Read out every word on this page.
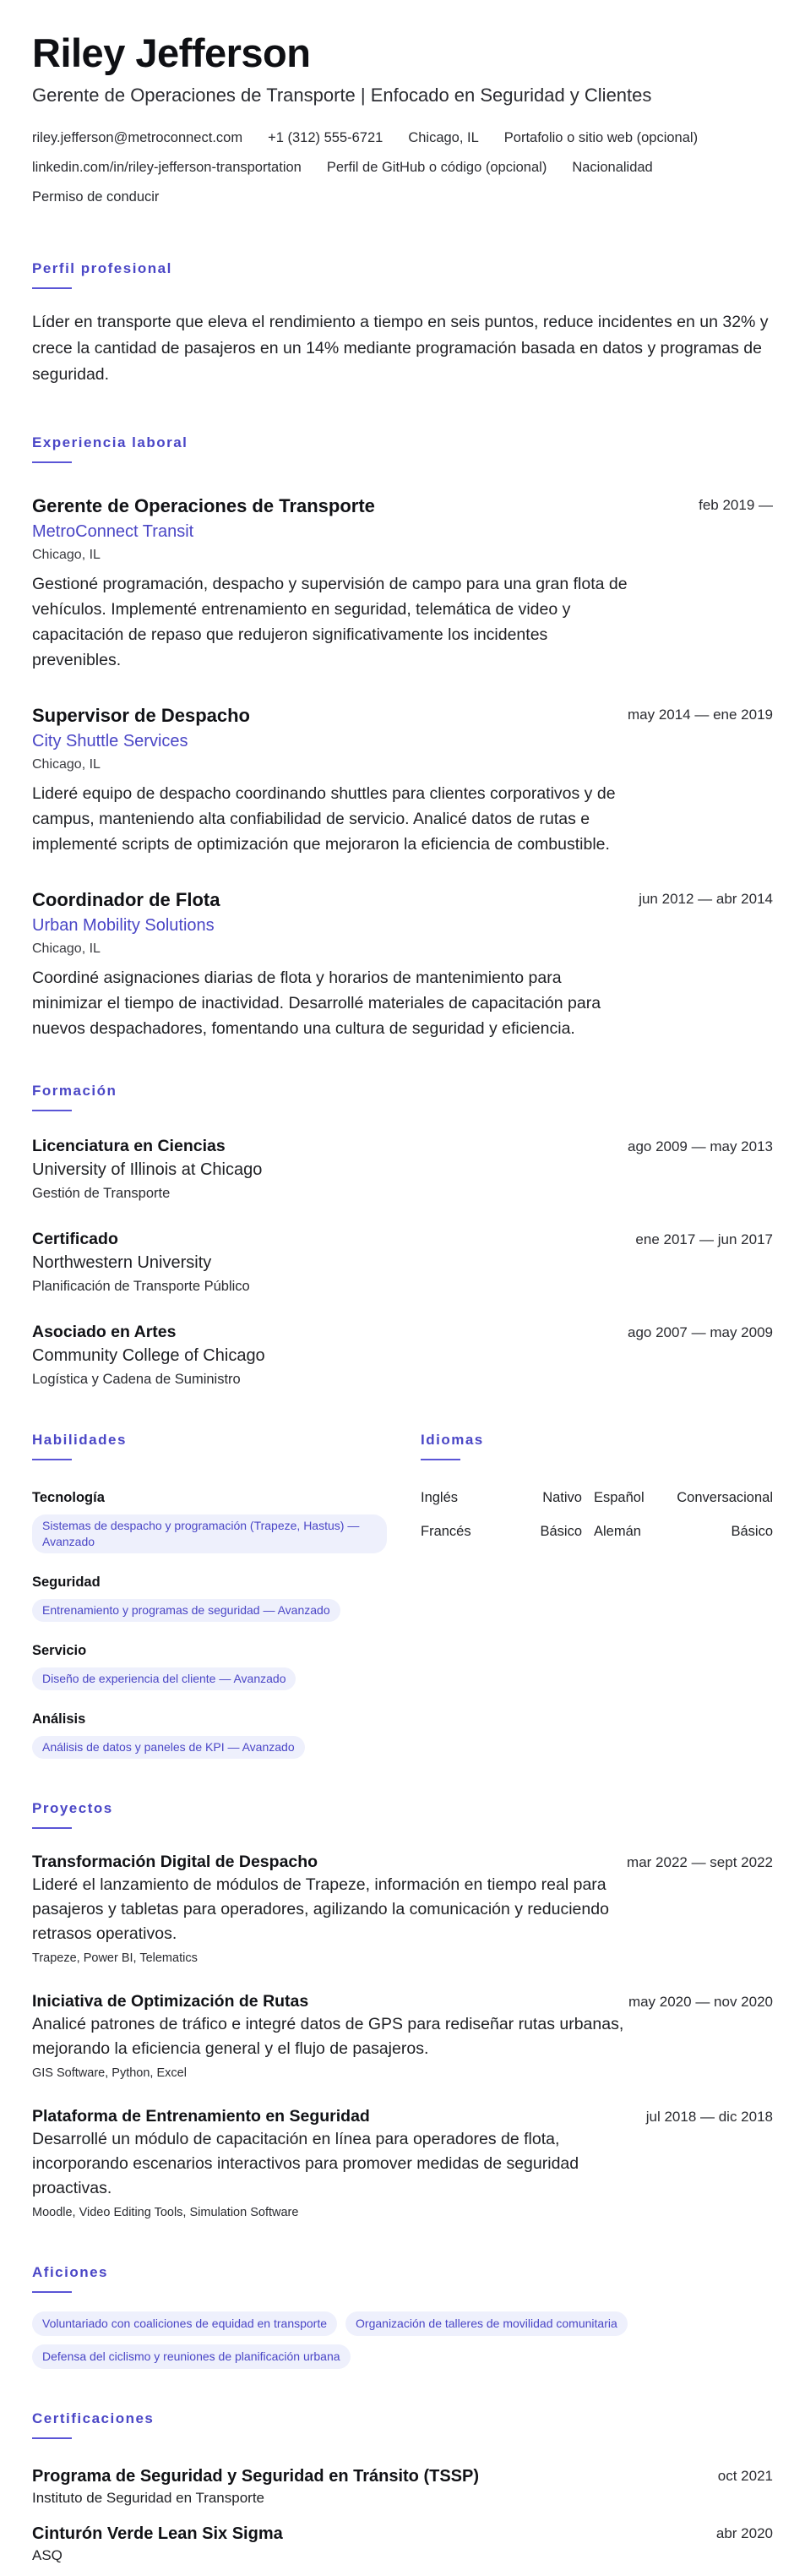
Riley Jefferson
Gerente de Operaciones de Transporte | Enfocado en Seguridad y Clientes
riley.jefferson@metroconnect.com +1 (312) 555-6721 Chicago, IL Portafolio o sitio web (opcional)
linkedin.com/in/riley-jefferson-transportation Perfil de GitHub o código (opcional) Nacionalidad
Permiso de conducir
Perfil profesional

Líder en transporte que eleva el rendimiento a tiempo en seis puntos, reduce incidentes en un 32% y crece la cantidad de pasajeros en un 14% mediante programación basada en datos y programas de seguridad.

Experiencia laboral
Gerente de Operaciones de Transporte
MetroConnect Transit
Chicago, IL

Gestioné programación, despacho y supervisión de campo para una gran flota de vehículos. Implementé entrenamiento en seguridad, telemática de video y capacitación de repaso que redujeron significativamente los incidentes prevenibles.

feb 2019 —
Supervisor de Despacho
City Shuttle Services
Chicago, IL

Lideré equipo de despacho coordinando shuttles para clientes corporativos y de campus, manteniendo alta confiabilidad de servicio. Analicé datos de rutas e implementé scripts de optimización que mejoraron la eficiencia de combustible.

may 2014 — ene 2019
Coordinador de Flota
Urban Mobility Solutions
Chicago, IL

Coordiné asignaciones diarias de flota y horarios de mantenimiento para minimizar el tiempo de inactividad. Desarrollé materiales de capacitación para nuevos despachadores, fomentando una cultura de seguridad y eficiencia.

jun 2012 — abr 2014
Formación
Licenciatura en Ciencias
University of Illinois at Chicago
Gestión de Transporte
ago 2009 — may 2013
Certificado
Northwestern University
Planificación de Transporte Público
ene 2017 — jun 2017
Asociado en Artes
Community College of Chicago
Logística y Cadena de Suministro
ago 2007 — may 2009
Habilidades
Tecnología
Sistemas de despacho y programación (Trapeze, Hastus) — Avanzado
Seguridad
Entrenamiento y programas de seguridad — Avanzado
Servicio
Diseño de experiencia del cliente — Avanzado
Análisis
Análisis de datos y paneles de KPI — Avanzado
Idiomas
Inglés	Nativo Español	Conversacional
Francés	Básico Alemán	Básico
Proyectos
Transformación Digital de Despacho

Lideré el lanzamiento de módulos de Trapeze, información en tiempo real para pasajeros y tabletas para operadores, agilizando la comunicación y reduciendo retrasos operativos.

Trapeze, Power BI, Telematics
mar 2022 — sept 2022
Iniciativa de Optimización de Rutas

Analicé patrones de tráfico e integré datos de GPS para rediseñar rutas urbanas, mejorando la eficiencia general y el flujo de pasajeros.

GIS Software, Python, Excel
may 2020 — nov 2020
Plataforma de Entrenamiento en Seguridad

Desarrollé un módulo de capacitación en línea para operadores de flota, incorporando escenarios interactivos para promover medidas de seguridad proactivas.

Moodle, Video Editing Tools, Simulation Software
jul 2018 — dic 2018
Aficiones
Voluntariado con coaliciones de equidad en transporte	Organización de talleres de movilidad comunitaria
Defensa del ciclismo y reuniones de planificación urbana
Certificaciones
Programa de Seguridad y Seguridad en Tránsito (TSSP)
Instituto de Seguridad en Transporte
oct 2021
Cinturón Verde Lean Six Sigma
ASQ
abr 2020
